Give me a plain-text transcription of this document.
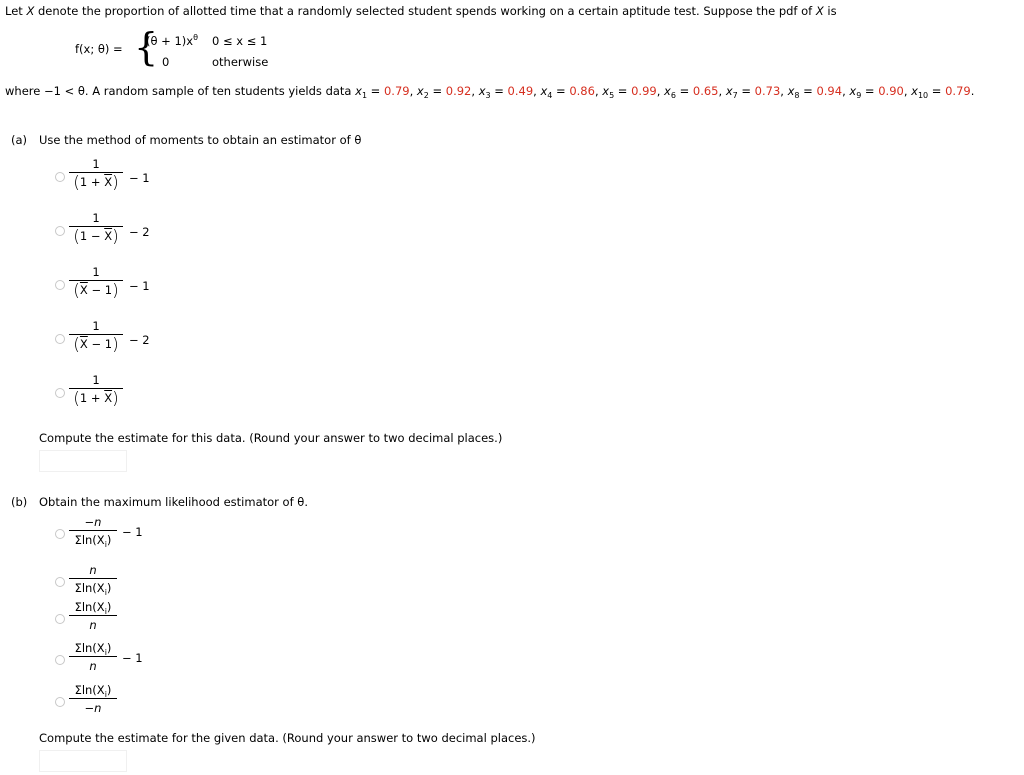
Let X denote the proportion of allotted time that a randomly selected student spends working on a certain aptitude test. Suppose the pdf of X is
f(x; θ) = {
$(\theta + 1)x^\theta$ 0 ≤ x ≤ 1
0	otherwise
where −1 < θ. A random sample of ten students yields data $x_1 = 0.79$, $x_2 = 0.92$, $x_3 = 0.49$, $x_4 = 0.86$, $x_5 = 0.99$, $x_6 = 0.65$, $x_7 = 0.73$, $x_8 = 0.94$, $x_9 = 0.90$, $x_{10} = 0.79$.
(a) Use the method of moments to obtain an estimator of θ
1
$(1 + \overline{X}) - 1$
1
$(1 - \overline{X}) - 2$
1
$(\overline{X} - 1) - 1$
1
$(\overline{X} - 1) - 2$
1
$(1 + \overline{X})$
Compute the estimate for this data. (Round your answer to two decimal places.)
(b) Obtain the maximum likelihood estimator of θ.
−n
$\Sigma\ln(X_i)$
− 1
n
$\Sigma\ln(X_i)$
$\Sigma\ln(X_i)$
n
$\Sigma\ln(X_i)$
n
− 1
$\Sigma\ln(X_i)$
−n
Compute the estimate for the given data. (Round your answer to two decimal places.)
